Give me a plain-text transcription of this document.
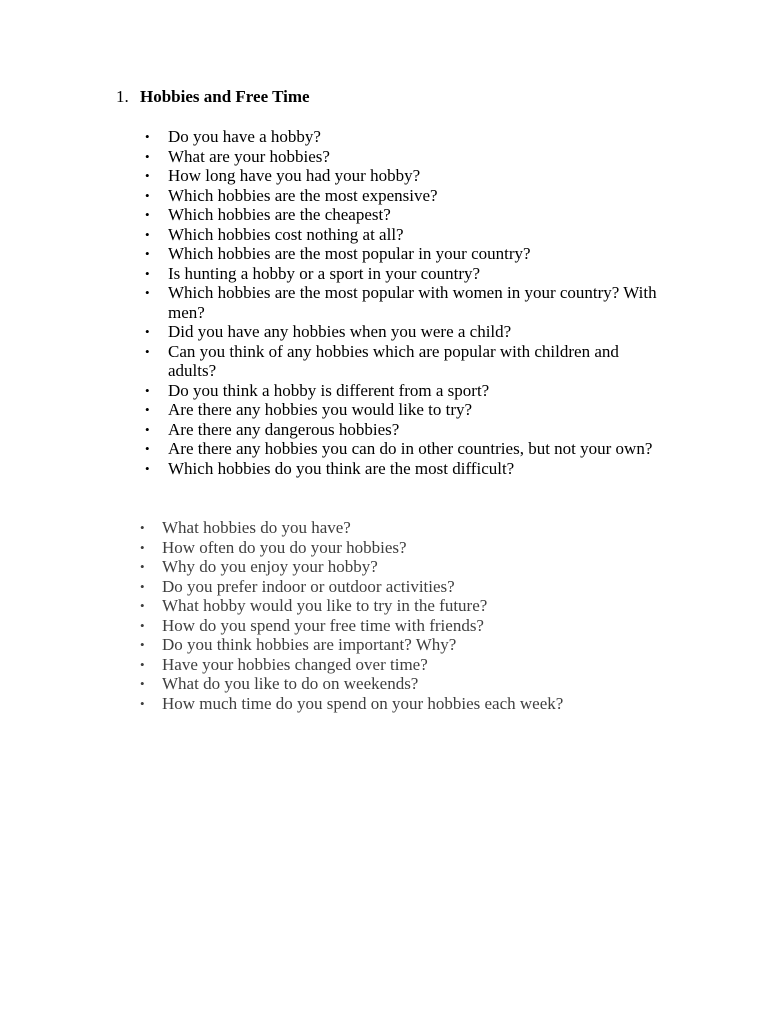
1. Hobbies and Free Time
• Do you have a hobby?
• What are your hobbies?
• How long have you had your hobby?
• Which hobbies are the most expensive?
• Which hobbies are the cheapest?
• Which hobbies cost nothing at all?
• Which hobbies are the most popular in your country?
• Is hunting a hobby or a sport in your country?
• Which hobbies are the most popular with women in your country? With men?
• Did you have any hobbies when you were a child?
• Can you think of any hobbies which are popular with children and adults?
• Do you think a hobby is different from a sport?
• Are there any hobbies you would like to try?
• Are there any dangerous hobbies?
• Are there any hobbies you can do in other countries, but not your own?
• Which hobbies do you think are the most difficult?
• What hobbies do you have?
• How often do you do your hobbies?
• Why do you enjoy your hobby?
• Do you prefer indoor or outdoor activities?
• What hobby would you like to try in the future?
• How do you spend your free time with friends?
• Do you think hobbies are important? Why?
• Have your hobbies changed over time?
• What do you like to do on weekends?
• How much time do you spend on your hobbies each week?
